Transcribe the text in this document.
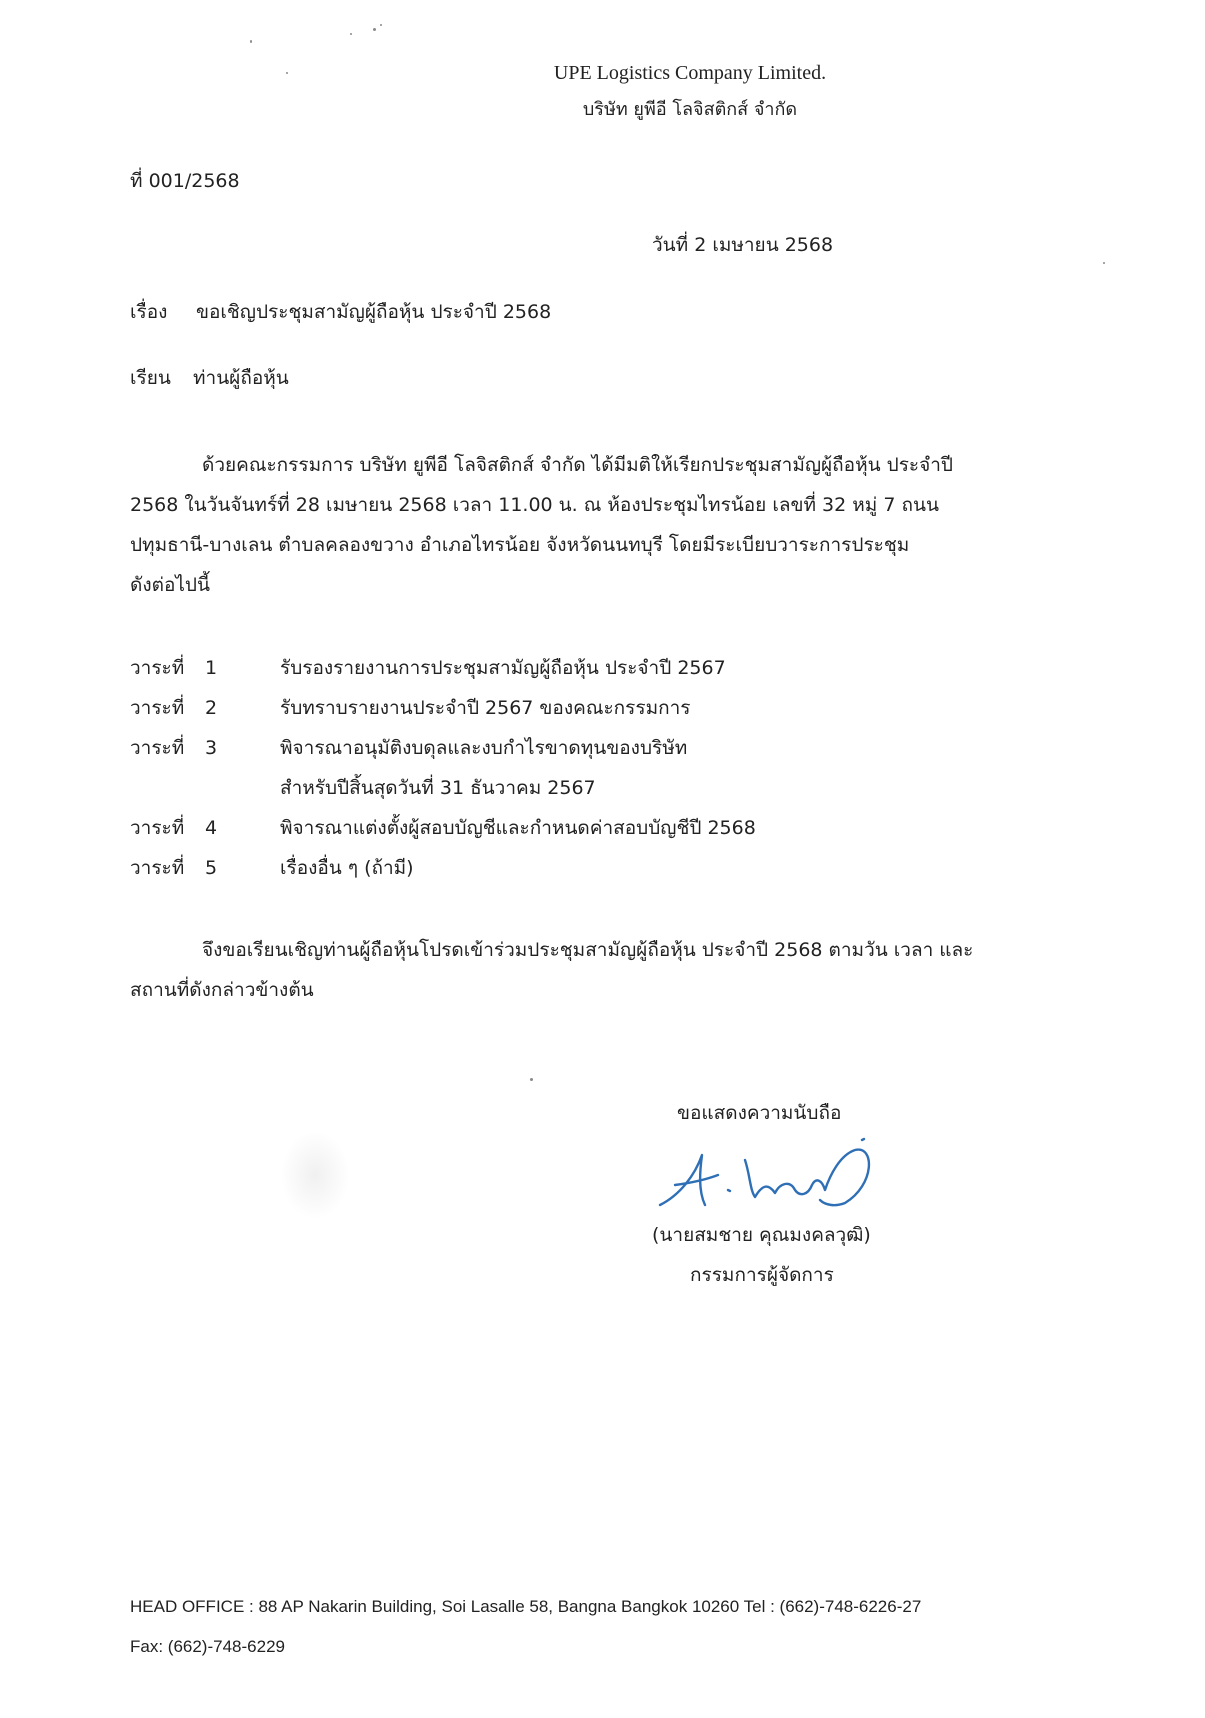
UPE Logistics Company Limited.
บริษัท ยูพีอี โลจิสติกส์ จำกัด
ที่ 001/2568
วันที่ 2 เมษายน 2568
เรื่อง ขอเชิญประชุมสามัญผู้ถือหุ้น ประจำปี 2568
เรียน ท่านผู้ถือหุ้น
ด้วยคณะกรรมการ บริษัท ยูพีอี โลจิสติกส์ จำกัด ได้มีมติให้เรียกประชุมสามัญผู้ถือหุ้น ประจำปี
2568 ในวันจันทร์ที่ 28 เมษายน 2568 เวลา 11.00 น. ณ ห้องประชุมไทรน้อย เลขที่ 32 หมู่ 7 ถนน
ปทุมธานี-บางเลน ตำบลคลองขวาง อำเภอไทรน้อย จังหวัดนนทบุรี โดยมีระเบียบวาระการประชุม
ดังต่อไปนี้
วาระที่	1	รับรองรายงานการประชุมสามัญผู้ถือหุ้น ประจำปี 2567
วาระที่	2	รับทราบรายงานประจำปี 2567 ของคณะกรรมการ
วาระที่	3	พิจารณาอนุมัติงบดุลและงบกำไรขาดทุนของบริษัท
สำหรับปีสิ้นสุดวันที่ 31 ธันวาคม 2567
วาระที่	4	พิจารณาแต่งตั้งผู้สอบบัญชีและกำหนดค่าสอบบัญชีปี 2568
วาระที่	5	เรื่องอื่น ๆ (ถ้ามี)
จึงขอเรียนเชิญท่านผู้ถือหุ้นโปรดเข้าร่วมประชุมสามัญผู้ถือหุ้น ประจำปี 2568 ตามวัน เวลา และ
สถานที่ดังกล่าวข้างต้น
ขอแสดงความนับถือ
(นายสมชาย คุณมงคลวุฒิ)
กรรมการผู้จัดการ
HEAD OFFICE : 88 AP Nakarin Building, Soi Lasalle 58, Bangna Bangkok 10260 Tel : (662)-748-6226-27
Fax: (662)-748-6229
